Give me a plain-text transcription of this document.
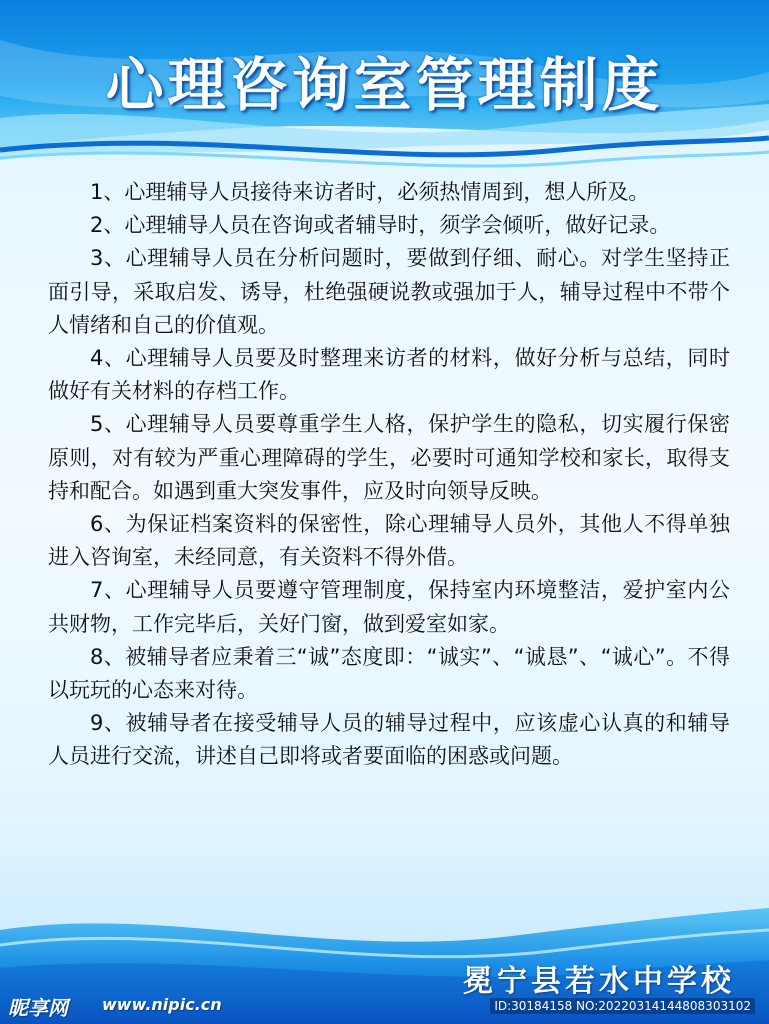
心理咨询室管理制度

1、心理辅导人员接待来访者时，必须热情周到，想人所及。

2、心理辅导人员在咨询或者辅导时，须学会倾听，做好记录。

3、心理辅导人员在分析问题时，要做到仔细、耐心。对学生坚持正面引导，采取启发、诱导，杜绝强硬说教或强加于人，辅导过程中不带个人情绪和自己的价值观。

4、心理辅导人员要及时整理来访者的材料，做好分析与总结，同时做好有关材料的存档工作。

5、心理辅导人员要尊重学生人格，保护学生的隐私，切实履行保密原则，对有较为严重心理障碍的学生，必要时可通知学校和家长，取得支持和配合。如遇到重大突发事件，应及时向领导反映。

6、为保证档案资料的保密性，除心理辅导人员外，其他人不得单独进入咨询室，未经同意，有关资料不得外借。

7、心理辅导人员要遵守管理制度，保持室内环境整洁，爱护室内公共财物，工作完毕后，关好门窗，做到爱室如家。

8、被辅导者应秉着三“诚”态度即：“诚实”、“诚恳”、“诚心”。不得以玩玩的心态来对待。

9、被辅导者在接受辅导人员的辅导过程中，应该虚心认真的和辅导人员进行交流，讲述自己即将或者要面临的困惑或问题。

冕宁县若水中学校
昵享网 www.nipic.cn	ID:30184158 NO:20220314144808303102
